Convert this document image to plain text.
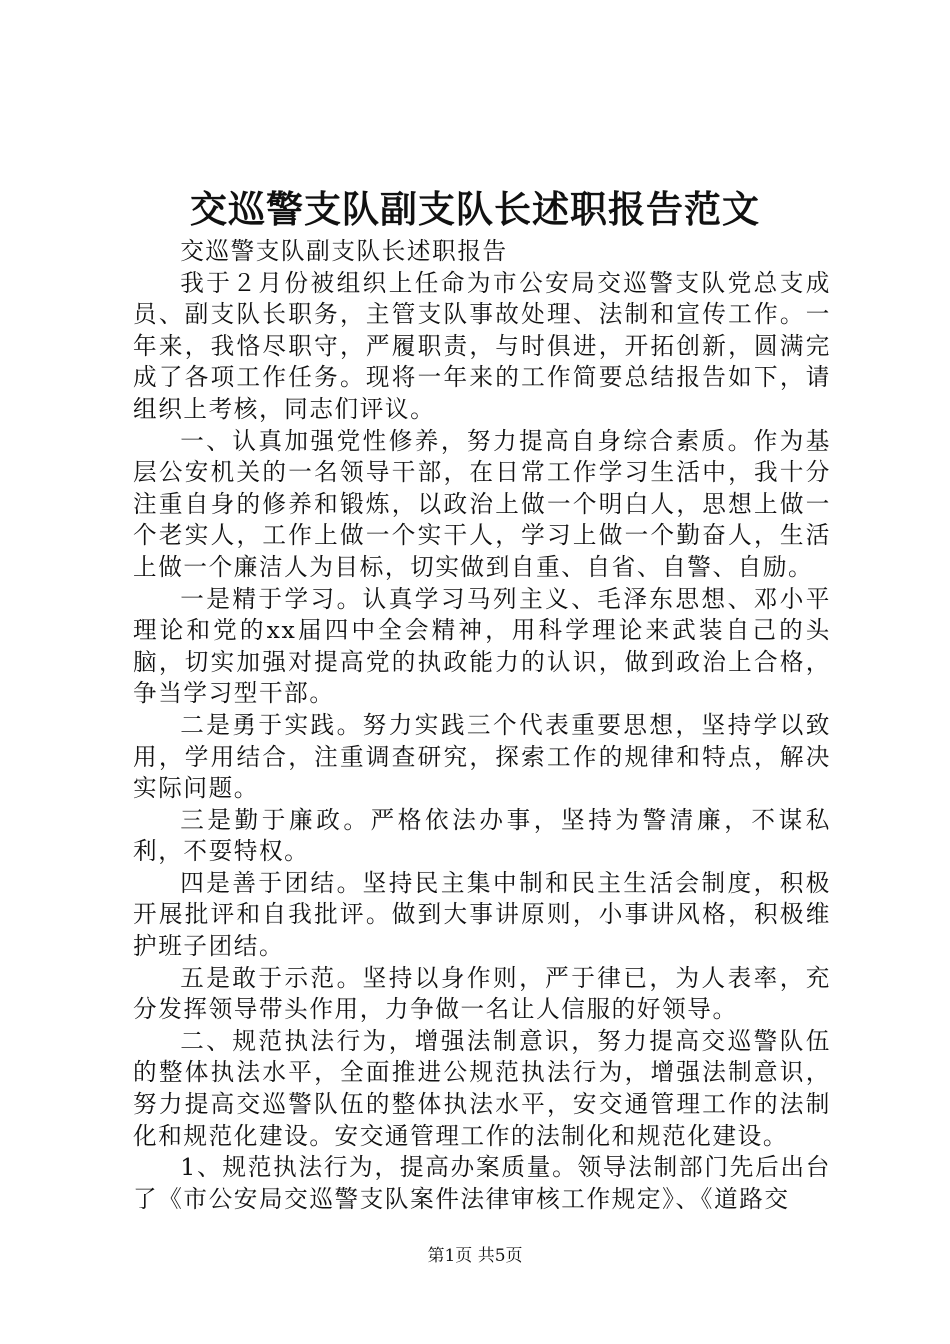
交巡警支队副支队长述职报告范文

交巡警支队副支队长述职报告

我于２月份被组织上任命为市公安局交巡警支队党总支成员、副支队长职务，主管支队事故处理、法制和宣传工作。一年来，我恪尽职守，严履职责，与时俱进，开拓创新，圆满完成了各项工作任务。现将一年来的工作简要总结报告如下，请组织上考核，同志们评议。

一、认真加强党性修养，努力提高自身综合素质。作为基层公安机关的一名领导干部，在日常工作学习生活中，我十分注重自身的修养和锻炼，以政治上做一个明白人，思想上做一个老实人，工作上做一个实干人，学习上做一个勤奋人，生活上做一个廉洁人为目标，切实做到自重、自省、自警、自励。

一是精于学习。认真学习马列主义、毛泽东思想、邓小平理论和党的xx届四中全会精神，用科学理论来武装自己的头脑，切实加强对提高党的执政能力的认识，做到政治上合格，争当学习型干部。

二是勇于实践。努力实践三个代表重要思想，坚持学以致用，学用结合，注重调查研究，探索工作的规律和特点，解决实际问题。

三是勤于廉政。严格依法办事，坚持为警清廉，不谋私利，不耍特权。

四是善于团结。坚持民主集中制和民主生活会制度，积极开展批评和自我批评。做到大事讲原则，小事讲风格，积极维护班子团结。

五是敢于示范。坚持以身作则，严于律已，为人表率，充分发挥领导带头作用，力争做一名让人信服的好领导。

二、规范执法行为，增强法制意识，努力提高交巡警队伍的整体执法水平，全面推进公规范执法行为，增强法制意识，努力提高交巡警队伍的整体执法水平，安交通管理工作的法制化和规范化建设。安交通管理工作的法制化和规范化建设。

1、规范执法行为，提高办案质量。领导法制部门先后出台了《市公安局交巡警支队案件法律审核工作规定》、《道路交

第1页 共5页
